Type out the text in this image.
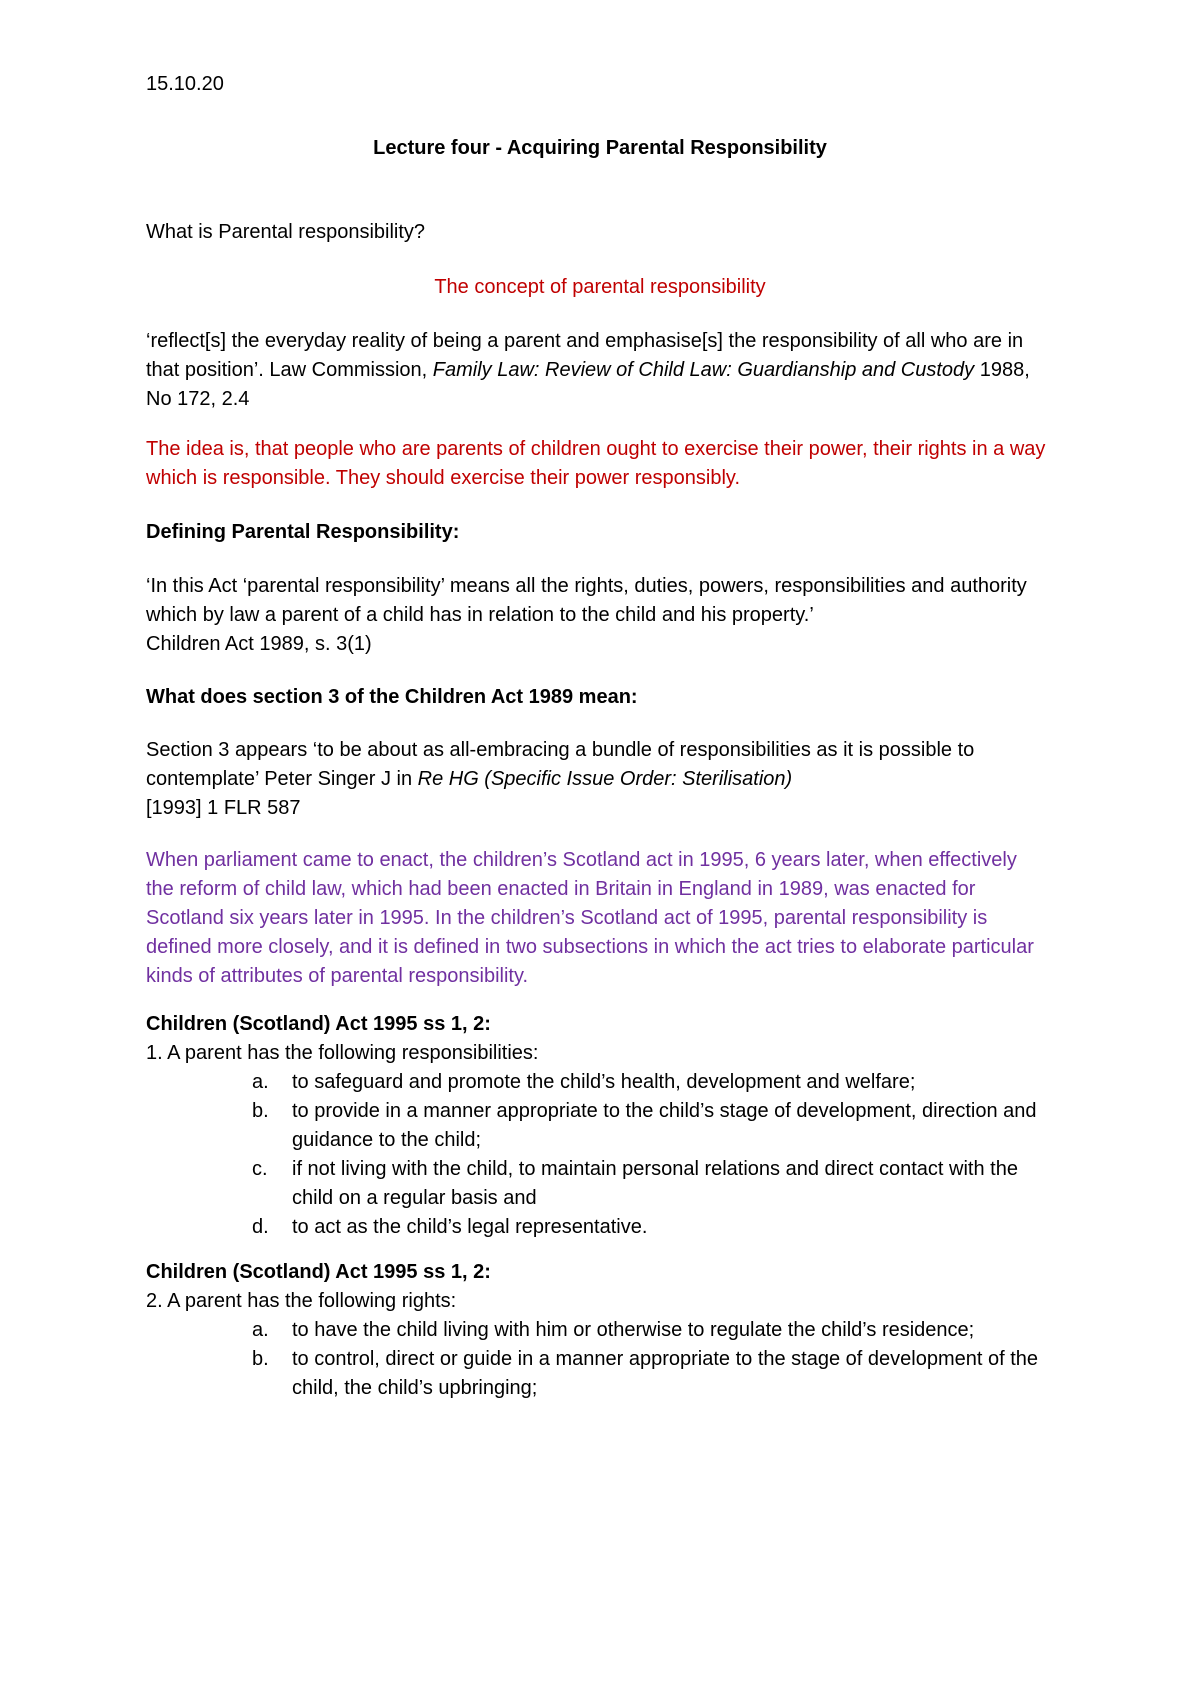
15.10.20

Lecture four - Acquiring Parental Responsibility

What is Parental responsibility?

The concept of parental responsibility

‘reflect[s] the everyday reality of being a parent and emphasise[s] the responsibility of all who are in that position’. Law Commission, Family Law: Review of Child Law: Guardianship and Custody 1988, No 172, 2.4

The idea is, that people who are parents of children ought to exercise their power, their rights in a way which is responsible. They should exercise their power responsibly.

Defining Parental Responsibility:

‘In this Act ‘parental responsibility’ means all the rights, duties, powers, responsibilities and authority which by law a parent of a child has in relation to the child and his property.’
Children Act 1989, s. 3(1)

What does section 3 of the Children Act 1989 mean:

Section 3 appears ‘to be about as all-embracing a bundle of responsibilities as it is possible to contemplate’ Peter Singer J in Re HG (Specific Issue Order: Sterilisation)
[1993] 1 FLR 587

When parliament came to enact, the children’s Scotland act in 1995, 6 years later, when effectively the reform of child law, which had been enacted in Britain in England in 1989, was enacted for Scotland six years later in 1995. In the children’s Scotland act of 1995, parental responsibility is defined more closely, and it is defined in two subsections in which the act tries to elaborate particular kinds of attributes of parental responsibility.

Children (Scotland) Act 1995 ss 1, 2:
1. A parent has the following responsibilities:

a. to safeguard and promote the child’s health, development and welfare;
b. to provide in a manner appropriate to the child’s stage of development, direction and guidance to the child;
c. if not living with the child, to maintain personal relations and direct contact with the child on a regular basis and
d. to act as the child’s legal representative.

Children (Scotland) Act 1995 ss 1, 2:
2. A parent has the following rights:

a. to have the child living with him or otherwise to regulate the child’s residence;
b. to control, direct or guide in a manner appropriate to the stage of development of the child, the child’s upbringing;
